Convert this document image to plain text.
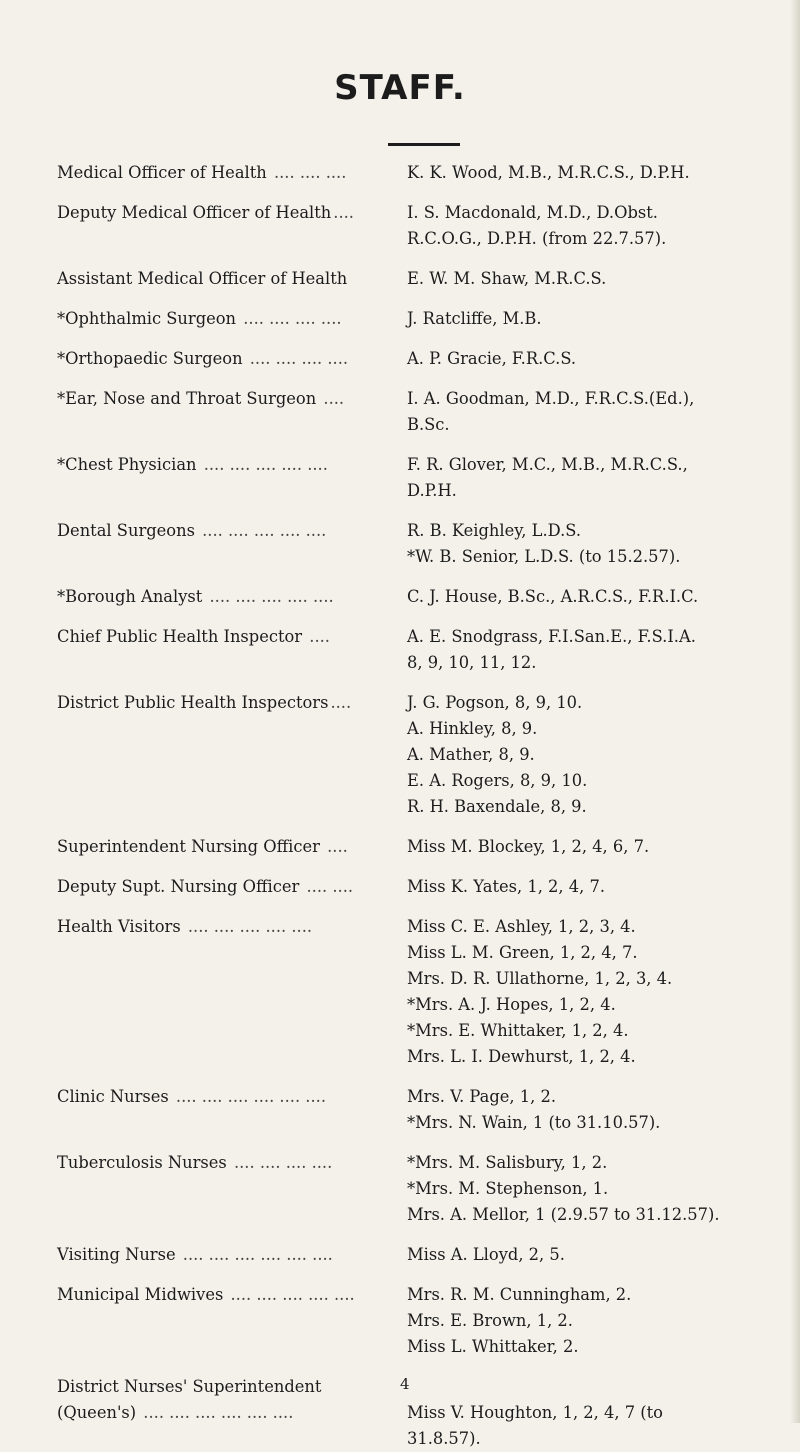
STAFF.
Medical Officer of Health .... .... ....	K. K. Wood, M.B., M.R.C.S., D.P.H.
Deputy Medical Officer of Health ....	I. S. Macdonald, M.D., D.Obst.
R.C.O.G., D.P.H. (from 22.7.57).
Assistant Medical Officer of Health	E. W. M. Shaw, M.R.C.S.
*Ophthalmic Surgeon .... .... .... ....	J. Ratcliffe, M.B.
*Orthopaedic Surgeon .... .... .... ....	A. P. Gracie, F.R.C.S.
*Ear, Nose and Throat Surgeon ....	I. A. Goodman, M.D., F.R.C.S.(Ed.),
B.Sc.
*Chest Physician .... .... .... .... ....	F. R. Glover, M.C., M.B., M.R.C.S.,
D.P.H.
Dental Surgeons .... .... .... .... ....	R. B. Keighley, L.D.S.
*W. B. Senior, L.D.S. (to 15.2.57).
*Borough Analyst .... .... .... .... ....	C. J. House, B.Sc., A.R.C.S., F.R.I.C.
Chief Public Health Inspector ....	A. E. Snodgrass, F.I.San.E., F.S.I.A.
8, 9, 10, 11, 12.
District Public Health Inspectors ....	J. G. Pogson, 8, 9, 10.
A. Hinkley, 8, 9.
A. Mather, 8, 9.
E. A. Rogers, 8, 9, 10.
R. H. Baxendale, 8, 9.
Superintendent Nursing Officer ....	Miss M. Blockey, 1, 2, 4, 6, 7.
Deputy Supt. Nursing Officer .... ....	Miss K. Yates, 1, 2, 4, 7.
Health Visitors .... .... .... .... ....	Miss C. E. Ashley, 1, 2, 3, 4.
Miss L. M. Green, 1, 2, 4, 7.
Mrs. D. R. Ullathorne, 1, 2, 3, 4.
*Mrs. A. J. Hopes, 1, 2, 4.
*Mrs. E. Whittaker, 1, 2, 4.
Mrs. L. I. Dewhurst, 1, 2, 4.
Clinic Nurses .... .... .... .... .... ....	Mrs. V. Page, 1, 2.
*Mrs. N. Wain, 1 (to 31.10.57).
Tuberculosis Nurses .... .... .... ....	*Mrs. M. Salisbury, 1, 2.
*Mrs. M. Stephenson, 1.
Mrs. A. Mellor, 1 (2.9.57 to 31.12.57).
Visiting Nurse .... .... .... .... .... ....	Miss A. Lloyd, 2, 5.
Municipal Midwives .... .... .... .... ....	Mrs. R. M. Cunningham, 2.
Mrs. E. Brown, 1, 2.
Miss L. Whittaker, 2.
District Nurses' Superintendent

(Queen's) .... .... .... .... .... ....	Miss V. Houghton, 1, 2, 4, 7 (to
31.8.57).
4
